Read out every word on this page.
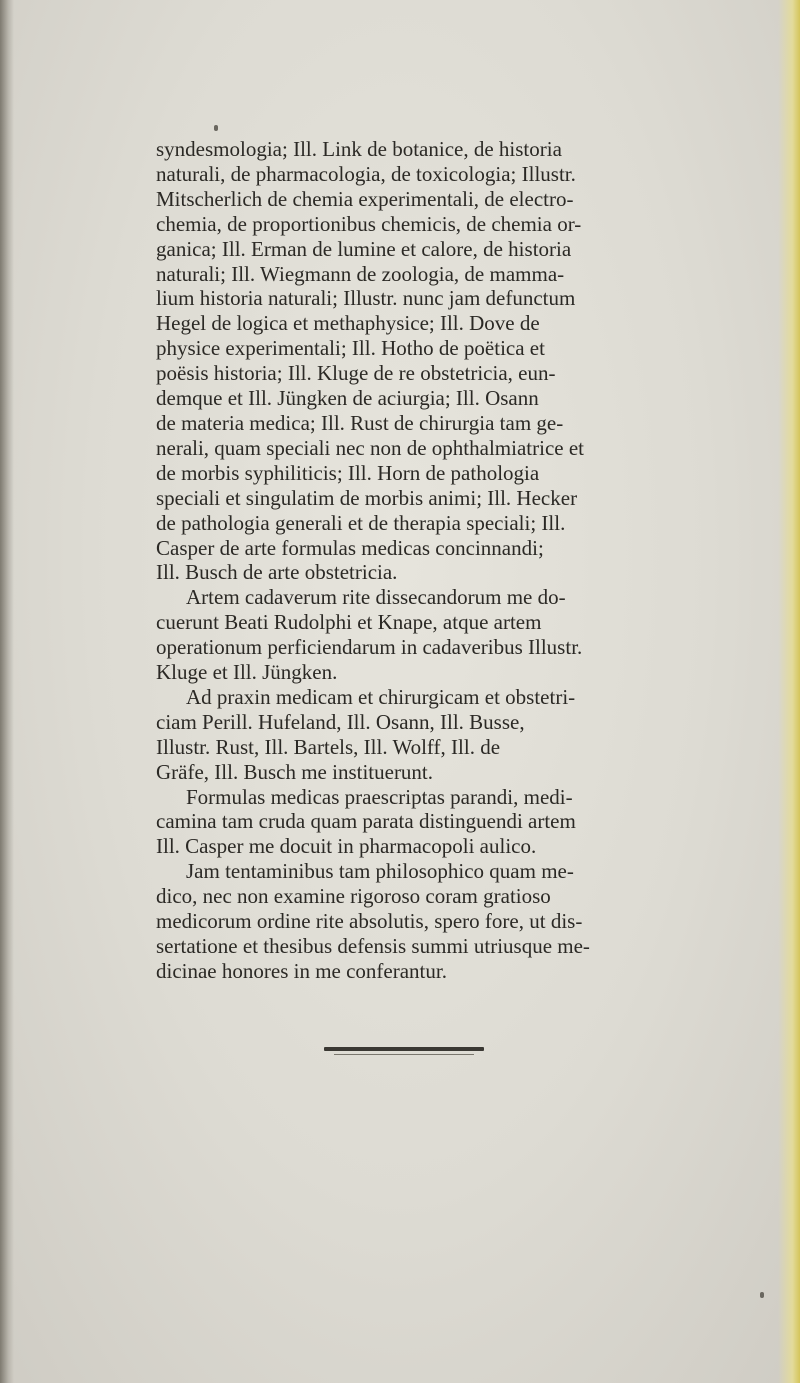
syndesmologia; Ill. Link de botanice, de historia

naturali, de pharmacologia, de toxicologia; Illustr.

Mitscherlich de chemia experimentali, de electro-

chemia, de proportionibus chemicis, de chemia or-

ganica; Ill. Erman de lumine et calore, de historia

naturali; Ill. Wiegmann de zoologia, de mamma-

lium historia naturali; Illustr. nunc jam defunctum

Hegel de logica et methaphysice; Ill. Dove de

physice experimentali; Ill. Hotho de poëtica et

poësis historia; Ill. Kluge de re obstetricia, eun-

demque et Ill. Jüngken de aciurgia; Ill. Osann

de materia medica; Ill. Rust de chirurgia tam ge-

nerali, quam speciali nec non de ophthalmiatrice et

de morbis syphiliticis; Ill. Horn de pathologia

speciali et singulatim de morbis animi; Ill. Hecker

de pathologia generali et de therapia speciali; Ill.

Casper de arte formulas medicas concinnandi;

Ill. Busch de arte obstetricia.

Artem cadaverum rite dissecandorum me do-

cuerunt Beati Rudolphi et Knape, atque artem

operationum perficiendarum in cadaveribus Illustr.

Kluge et Ill. Jüngken.

Ad praxin medicam et chirurgicam et obstetri-

ciam Perill. Hufeland, Ill. Osann, Ill. Busse,

Illustr. Rust, Ill. Bartels, Ill. Wolff, Ill. de

Gräfe, Ill. Busch me instituerunt.

Formulas medicas praescriptas parandi, medi-

camina tam cruda quam parata distinguendi artem

Ill. Casper me docuit in pharmacopoli aulico.

Jam tentaminibus tam philosophico quam me-

dico, nec non examine rigoroso coram gratioso

medicorum ordine rite absolutis, spero fore, ut dis-

sertatione et thesibus defensis summi utriusque me-

dicinae honores in me conferantur.
